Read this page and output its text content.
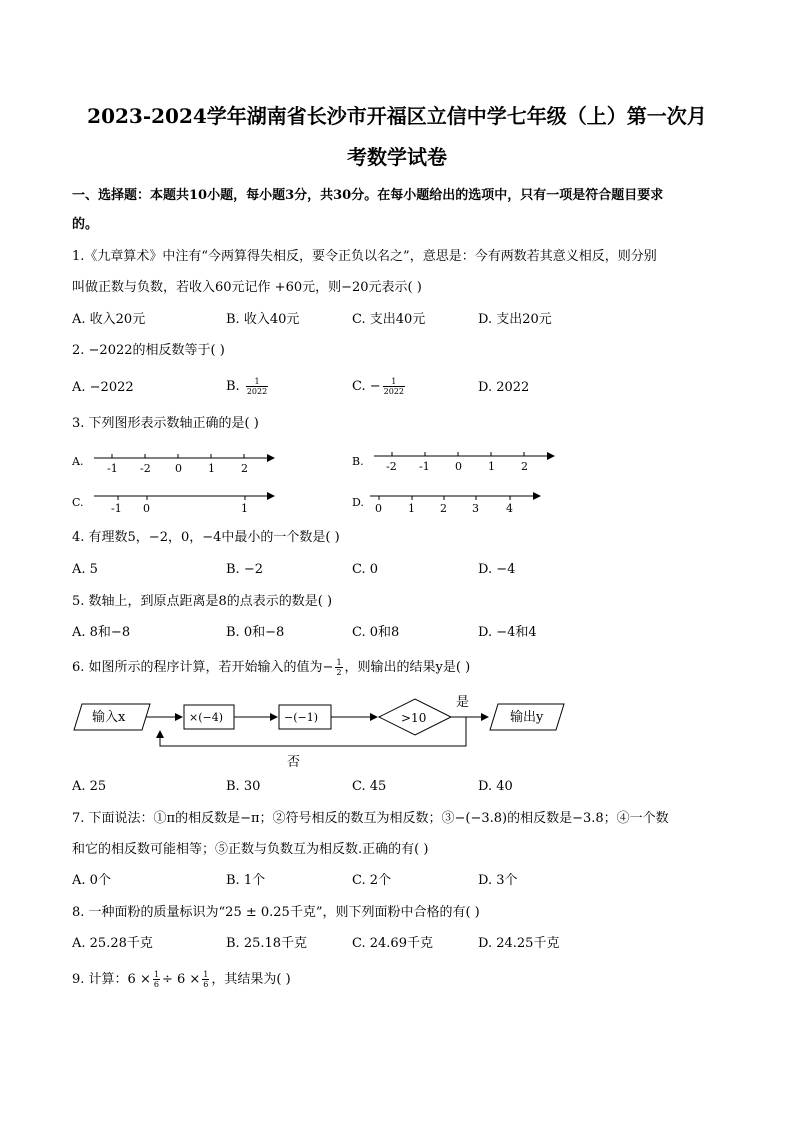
2023-2024学年湖南省长沙市开福区立信中学七年级（上）第一次月
考数学试卷
一、选择题：本题共10小题，每小题3分，共30分。在每小题给出的选项中，只有一项是符合题目要求
的。
1.《九章算术》中注有“今两算得失相反，要令正负以名之”，意思是：今有两数若其意义相反，则分别
叫做正数与负数，若收入60元记作 +60元，则−20元表示( )
A. 收入20元	B. 收入40元	C. 支出40元	D. 支出20元
2. −2022的相反数等于( )
A. −2022	B. $\frac{1}{2022}$	C. − $\frac{1}{2022}$	D. 2022
3. 下列图形表示数轴正确的是( )
A.
-1 -2 0 1 2
B. -2 -1 0 1 2
C. -1 0	1	D. 0 1 2 3 4
4. 有理数5，−2，0，−4中最小的一个数是( )
A. 5	B. −2	C. 0	D. −4
5. 数轴上，到原点距离是8的点表示的数是( )
A. 8和−8	B. 0和−8	C. 0和8	D. −4和4
6. 如图所示的程序计算，若开始输入的值为− $\frac{1}{2}$ ，则输出的结果y是( )
输入x	×(−4)	−(−1)	>10
是
输出y
否
A. 25	B. 30	C. 45	D. 40
7. 下面说法：①π的相反数是−π；②符号相反的数互为相反数；③−(−3.8)的相反数是−3.8；④一个数
和它的相反数可能相等；⑤正数与负数互为相反数.正确的有( )
A. 0个	B. 1个	C. 2个	D. 3个
8. 一种面粉的质量标识为“25 ± 0.25千克”，则下列面粉中合格的有( )
A. 25.28千克	B. 25.18千克	C. 24.69千克	D. 24.25千克
9. 计算：$6 \times \frac{1}{6} \div 6 \times \frac{1}{6}$ ，其结果为( )
